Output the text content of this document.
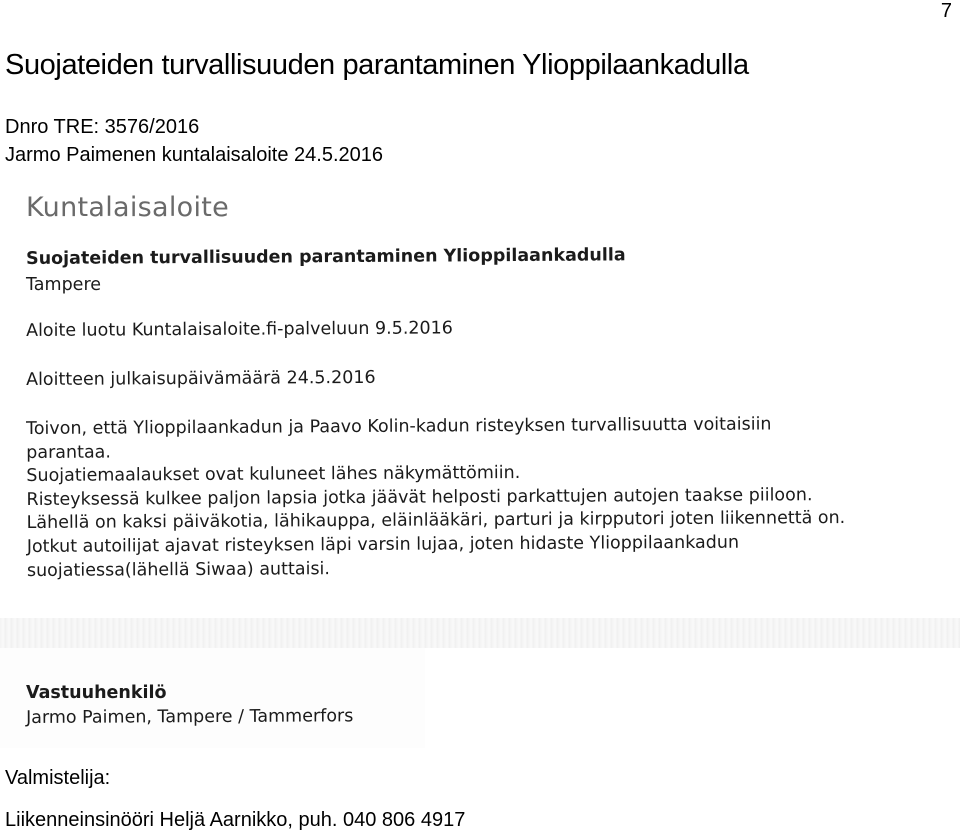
7
Suojateiden turvallisuuden parantaminen Ylioppilaankadulla
Dnro TRE: 3576/2016
Jarmo Paimenen kuntalaisaloite 24.5.2016
Kuntalaisaloite
Suojateiden turvallisuuden parantaminen Ylioppilaankadulla
Tampere
Aloite luotu Kuntalaisaloite.fi-palveluun 9.5.2016
Aloitteen julkaisupäivämäärä 24.5.2016
Toivon, että Ylioppilaankadun ja Paavo Kolin-kadun risteyksen turvallisuutta voitaisiin
parantaa.
Suojatiemaalaukset ovat kuluneet lähes näkymättömiin.
Risteyksessä kulkee paljon lapsia jotka jäävät helposti parkattujen autojen taakse piiloon.
Lähellä on kaksi päiväkotia, lähikauppa, eläinlääkäri, parturi ja kirpputori joten liikennettä on.
Jotkut autoilijat ajavat risteyksen läpi varsin lujaa, joten hidaste Ylioppilaankadun
suojatiessa(lähellä Siwaa) auttaisi.
Vastuuhenkilö
Jarmo Paimen, Tampere / Tammerfors
Valmistelija:
Liikenneinsinööri Heljä Aarnikko, puh. 040 806 4917
